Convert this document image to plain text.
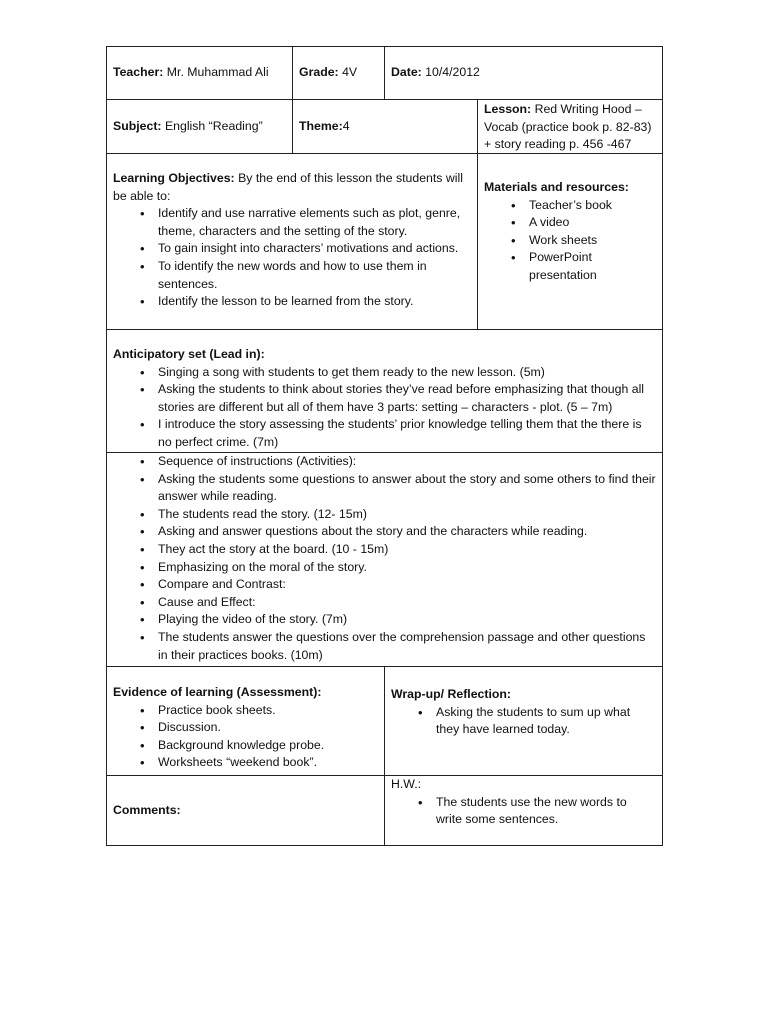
Teacher: Mr. Muhammad Ali Grade: 4V	Date: 10/4/2012
Subject: English “Reading”	Theme:4
Lesson: Red Writing Hood –
Vocab (practice book p. 82-83)
+ story reading p. 456 -467
Learning Objectives: By the end of this lesson the students will
be able to:
• Identify and use narrative elements such as plot, genre, theme, characters and the setting of the story.
• To gain insight into characters’ motivations and actions.
• To identify the new words and how to use them in sentences.
• Identify the lesson to be learned from the story.
Materials and resources:
• Teacher’s book
• A video
• Work sheets
• PowerPoint presentation
Anticipatory set (Lead in):
• Singing a song with students to get them ready to the new lesson. (5m)
• Asking the students to think about stories they’ve read before emphasizing that though all stories are different but all of them have 3 parts: setting – characters - plot. (5 – 7m)
• I introduce the story assessing the students’ prior knowledge telling them that the there is no perfect crime. (7m)
• Sequence of instructions (Activities):
• Asking the students some questions to answer about the story and some others to find their answer while reading.
• The students read the story. (12- 15m)
• Asking and answer questions about the story and the characters while reading.
• They act the story at the board. (10 - 15m)
• Emphasizing on the moral of the story.
• Compare and Contrast:
• Cause and Effect:
• Playing the video of the story. (7m)
• The students answer the questions over the comprehension passage and other questions in their practices books. (10m)
Evidence of learning (Assessment):
• Practice book sheets.
• Discussion.
• Background knowledge probe.
• Worksheets “weekend book”.
Wrap-up/ Reflection:
• Asking the students to sum up what they have learned today.
Comments:
H.W.:
• The students use the new words to write some sentences.
